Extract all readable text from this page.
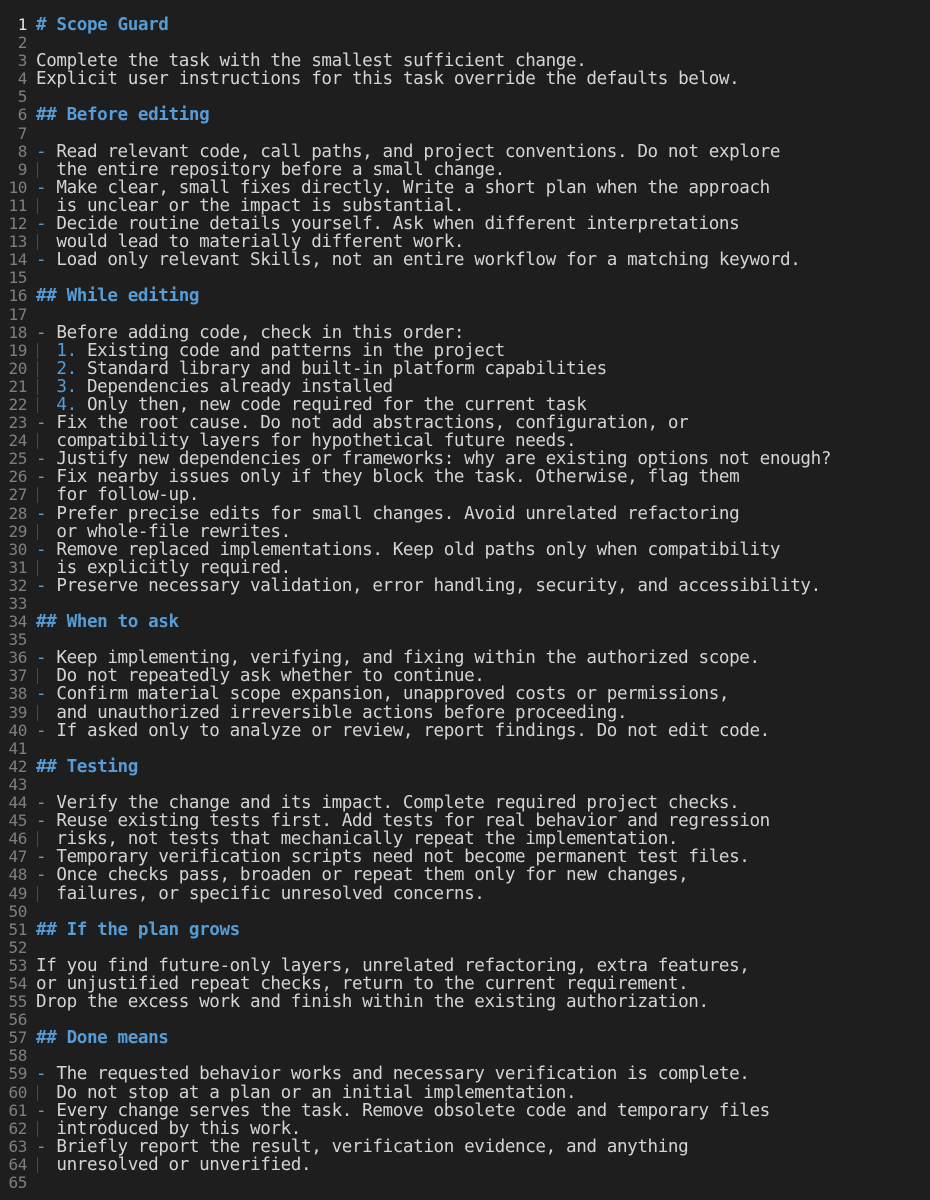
1 # Scope Guard
2
3 Complete the task with the smallest sufficient change.
4 Explicit user instructions for this task override the defaults below.
5
6 ## Before editing
7
8 - Read relevant code, call paths, and project conventions. Do not explore
9 the entire repository before a small change.
10 - Make clear, small fixes directly. Write a short plan when the approach
11 is unclear or the impact is substantial.
12 - Decide routine details yourself. Ask when different interpretations
13 would lead to materially different work.
14 - Load only relevant Skills, not an entire workflow for a matching keyword.
15
16 ## While editing
17
18 - Before adding code, check in this order:
19	1. Existing code and patterns in the project
20	2. Standard library and built-in platform capabilities
21	3. Dependencies already installed
22	4. Only then, new code required for the current task
23 - Fix the root cause. Do not add abstractions, configuration, or
24 compatibility layers for hypothetical future needs.
25 - Justify new dependencies or frameworks: why are existing options not enough?
26 - Fix nearby issues only if they block the task. Otherwise, flag them
27 for follow-up.
28 - Prefer precise edits for small changes. Avoid unrelated refactoring
29 or whole-file rewrites.
30 - Remove replaced implementations. Keep old paths only when compatibility
31 is explicitly required.
32 - Preserve necessary validation, error handling, security, and accessibility.
33
34 ## When to ask
35
36 - Keep implementing, verifying, and fixing within the authorized scope.
37 Do not repeatedly ask whether to continue.
38 - Confirm material scope expansion, unapproved costs or permissions,
39 and unauthorized irreversible actions before proceeding.
40 - If asked only to analyze or review, report findings. Do not edit code.
41
42 ## Testing
43
44 - Verify the change and its impact. Complete required project checks.
45 - Reuse existing tests first. Add tests for real behavior and regression
46 risks, not tests that mechanically repeat the implementation.
47 - Temporary verification scripts need not become permanent test files.
48 - Once checks pass, broaden or repeat them only for new changes,
49 failures, or specific unresolved concerns.
50
51 ## If the plan grows
52
53 If you find future-only layers, unrelated refactoring, extra features,
54 or unjustified repeat checks, return to the current requirement.
55 Drop the excess work and finish within the existing authorization.
56
57 ## Done means
58
59 - The requested behavior works and necessary verification is complete.
60 Do not stop at a plan or an initial implementation.
61 - Every change serves the task. Remove obsolete code and temporary files
62 introduced by this work.
63 - Briefly report the result, verification evidence, and anything
64 unresolved or unverified.
65
